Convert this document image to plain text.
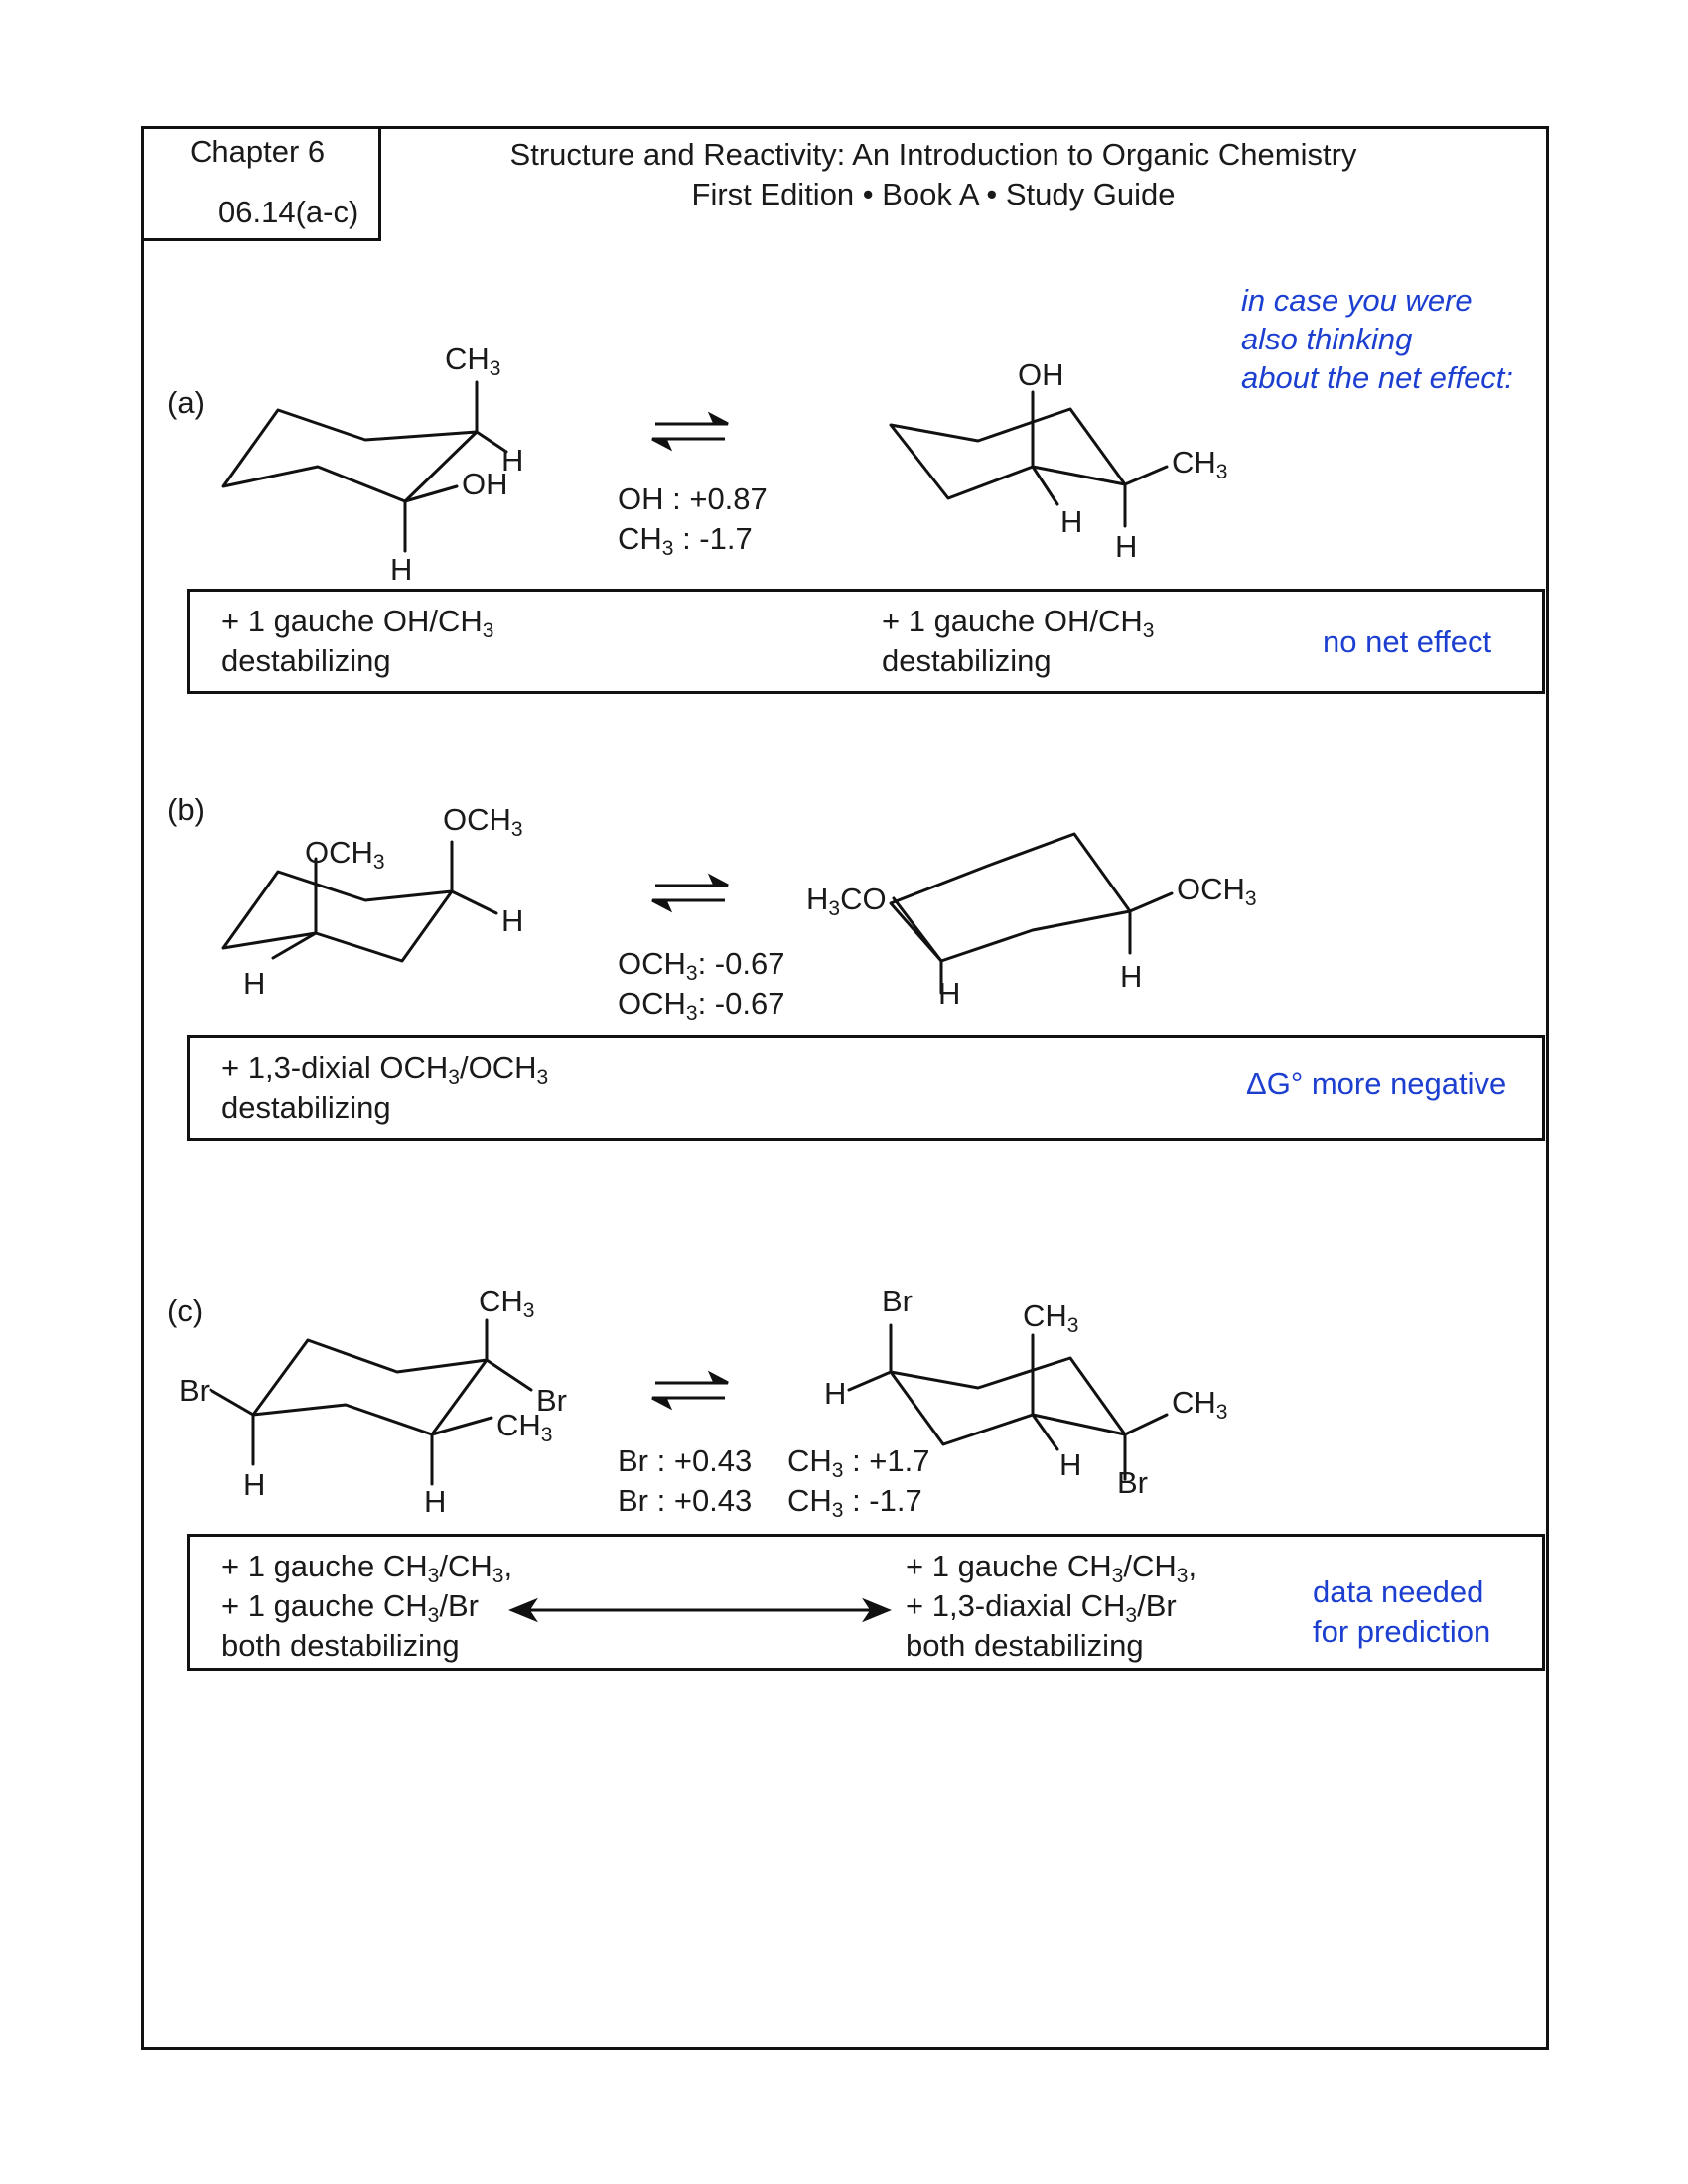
Chapter 6
06.14(a-c)
Structure and Reactivity: An Introduction to Organic Chemistry
First Edition • Book A • Study Guide
in case you were
also thinking
about the net effect:
(a)
$CH_3$
H
OH
H
OH
$CH_3$
H
H
OH : +0.87
$CH_3$ : -1.7
+ 1 gauche $OH/CH_3$
destabilizing
+ 1 gauche $OH/CH_3$
destabilizing
no net effect
(b)	$OCH_3$
$OCH_3$
H
H
$H_3CO$	$OCH_3$
H	H
$OCH_3$: -0.67
$OCH_3$: -0.67
+ 1,3-dixial $OCH_3/OCH_3$
destabilizing
ΔG° more negative
(c)	$CH_3$
Br
$CH_3$
Br
H	H
Br	$CH_3$
H	$CH_3$
H
Br
Br : +0.43
Br : +0.43
$CH_3$ : +1.7
$CH_3$ : -1.7
+ 1 gauche $CH_3/CH_3$,
+ 1 gauche $CH_3/Br$
both destabilizing
+ 1 gauche $CH_3/CH_3$,
+ 1,3-diaxial $CH_3/Br$
both destabilizing
data needed
for prediction
